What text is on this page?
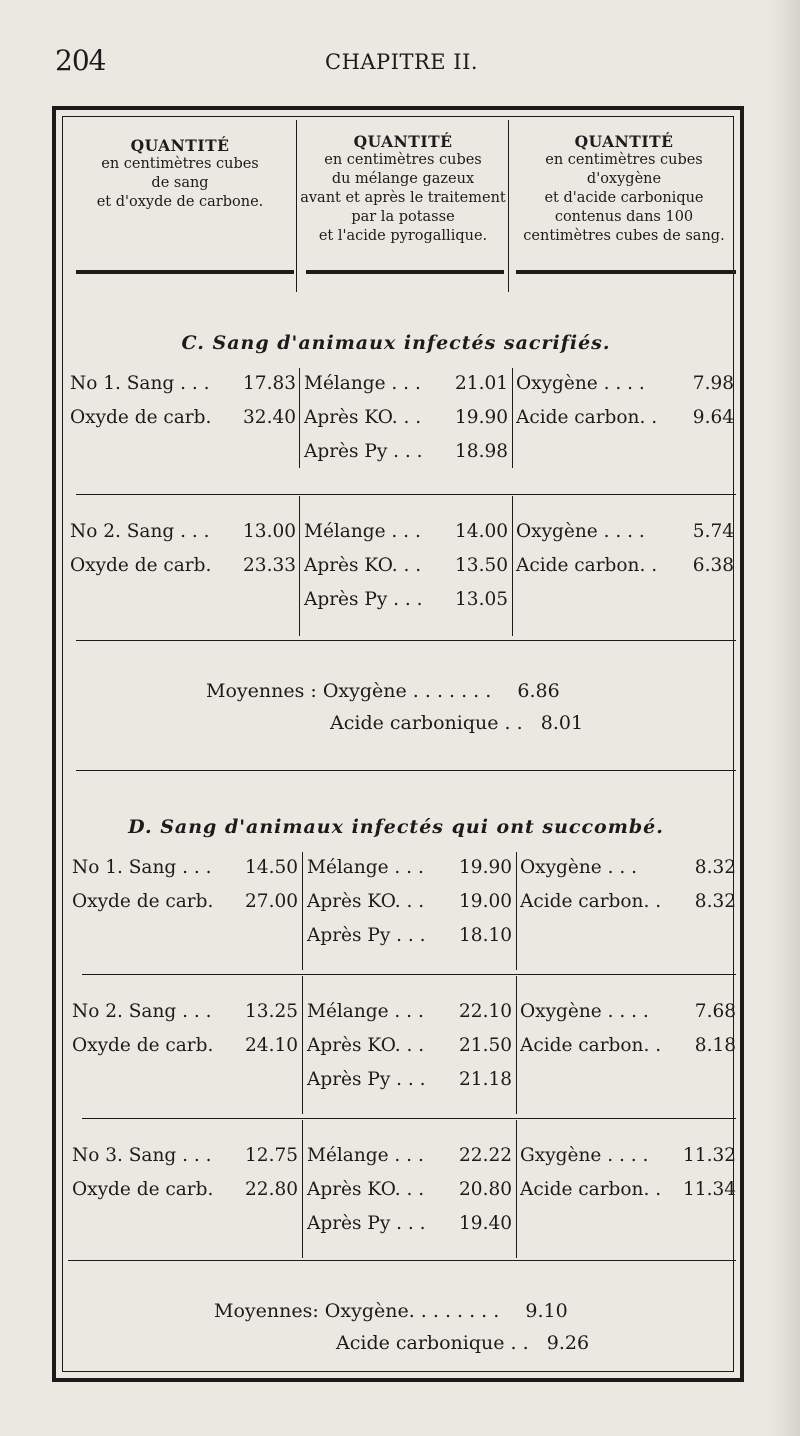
204	CHAPITRE II.
QUANTITÉ
en centimètres cubes
de sang
et d'oxyde de carbone.
QUANTITÉ
en centimètres cubes
du mélange gazeux
avant et après le traitement
par la potasse
et l'acide pyrogallique.
QUANTITÉ
en centimètres cubes
d'oxygène
et d'acide carbonique
contenus dans 100
centimètres cubes de sang.
C. Sang d'animaux infectés sacrifiés.
No 1. Sang . . . 17.83 Mélange . . . 21.01 Oxygène . . . .	7.98
Oxyde de carb. 32.40 Après KO. . . 19.90 Acide carbon. . 9.64
Après Py . . . 18.98
No 2. Sang . . . 13.00 Mélange . . . 14.00 Oxygène . . . .	5.74
Oxyde de carb. 23.33 Après KO. . . 13.50 Acide carbon. . 6.38
Après Py . . . 13.05
Moyennes : Oxygène . . . . . . . 6.86
Acide carbonique . . 8.01
D. Sang d'animaux infectés qui ont succombé.
No 1. Sang . . . 14.50 Mélange . . . 19.90 Oxygène . . .	8.32
Oxyde de carb. 27.00 Après KO. . . 19.00 Acide carbon. . 8.32
Après Py . . . 18.10
No 2. Sang . . . 13.25 Mélange . . . 22.10 Oxygène . . . . 7.68
Oxyde de carb. 24.10 Après KO. . . 21.50 Acide carbon. . 8.18
Après Py . . . 21.18
No 3. Sang . . . 12.75 Mélange . . . 22.22 Gxygène . . . . 11.32
Oxyde de carb. 22.80 Après KO. . . 20.80 Acide carbon. . 11.34
Après Py . . . 19.40
Moyennes: Oxygène. . . . . . . . 9.10
Acide carbonique . . 9.26
